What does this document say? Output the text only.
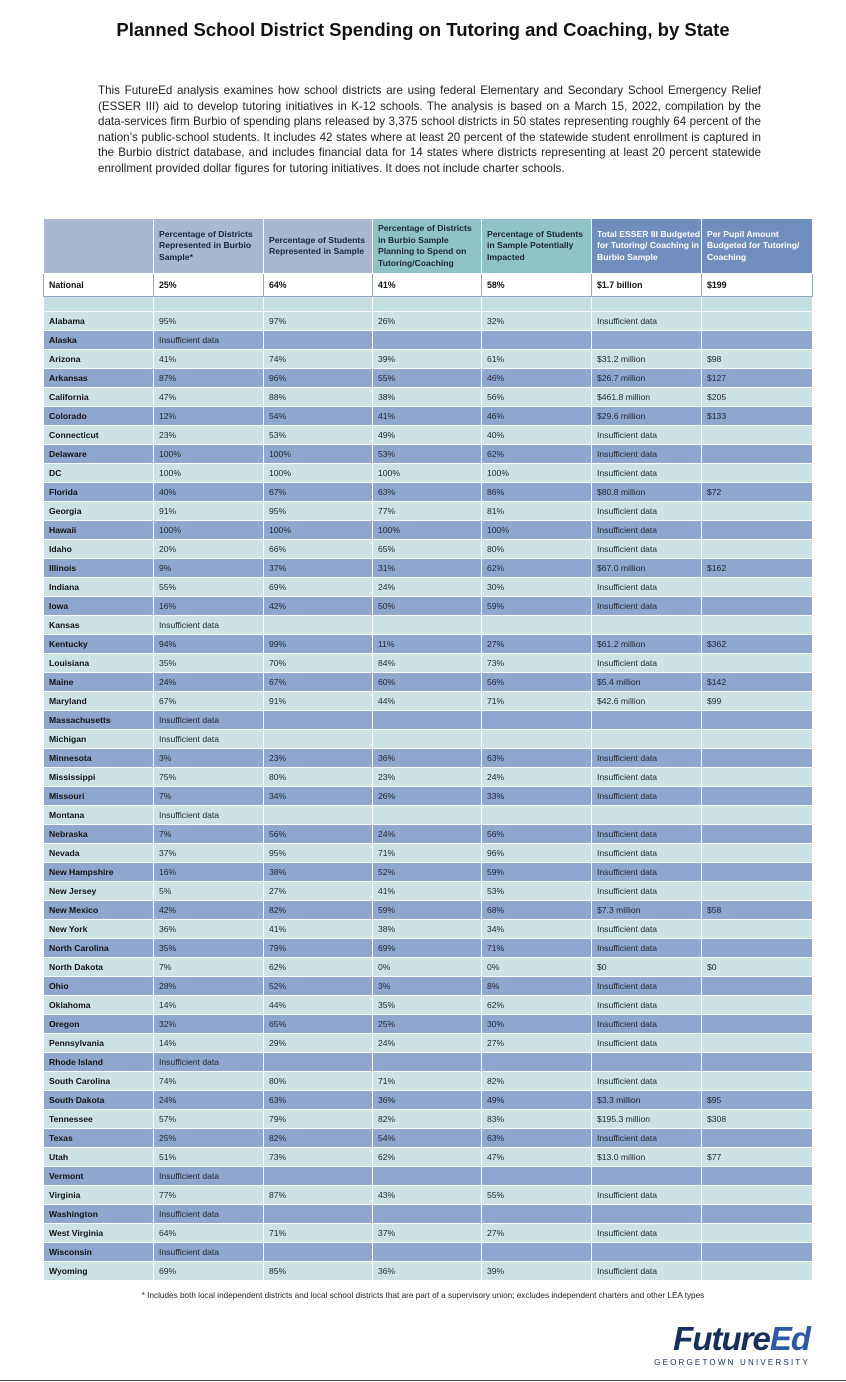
Planned School District Spending on Tutoring and Coaching, by State
This FutureEd analysis examines how school districts are using federal Elementary and Secondary School Emergency Relief (ESSER III) aid to develop tutoring initiatives in K-12 schools. The analysis is based on a March 15, 2022, compilation by the data-services firm Burbio of spending plans released by 3,375 school districts in 50 states representing roughly 64 percent of the nation’s public-school students. It includes 42 states where at least 20 percent of the statewide student enrollment is captured in the Burbio district database, and includes financial data for 14 states where districts representing at least 20 percent statewide enrollment provided dollar figures for tutoring initiatives. It does not include charter schools.
	Percentage of Districts Represented in Burbio Sample*	Percentage of Students Represented in Sample	Percentage of Districts in Burbio Sample Planning to Spend on Tutoring/Coaching	Percentage of Students in Sample Potentially Impacted	Total ESSER III Budgeted for Tutoring/ Coaching in Burbio Sample	Per Pupil Amount Budgeted for Tutoring/ Coaching
National	25%	64%	41%	58%	$1.7 billion	$199

Alabama	95%	97%	26%	32%	Insufficient data	
Alaska	Insufficient data					
Arizona	41%	74%	39%	61%	$31.2 million	$98
Arkansas	87%	96%	55%	46%	$26.7 million	$127
California	47%	88%	38%	56%	$461.8 million	$205
Colorado	12%	54%	41%	46%	$29.6 million	$133
Connecticut	23%	53%	49%	40%	Insufficient data	
Delaware	100%	100%	53%	62%	Insufficient data	
DC	100%	100%	100%	100%	Insufficient data	
Florida	40%	67%	63%	86%	$80.8 million	$72
Georgia	91%	95%	77%	81%	Insufficient data	
Hawaii	100%	100%	100%	100%	Insufficient data	
Idaho	20%	66%	65%	80%	Insufficient data	
Illinois	9%	37%	31%	62%	$67.0 million	$162
Indiana	55%	69%	24%	30%	Insufficient data	
Iowa	16%	42%	50%	59%	Insufficient data	
Kansas	Insufficient data					
Kentucky	94%	99%	11%	27%	$61.2 million	$362
Louisiana	35%	70%	84%	73%	Insufficient data	
Maine	24%	67%	60%	56%	$5.4 million	$142
Maryland	67%	91%	44%	71%	$42.6 million	$99
Massachusetts	Insufficient data					
Michigan	Insufficient data					
Minnesota	3%	23%	36%	63%	Insufficient data	
Mississippi	75%	80%	23%	24%	Insufficient data	
Missouri	7%	34%	26%	33%	Insufficient data	
Montana	Insufficient data					
Nebraska	7%	56%	24%	56%	Insufficient data	
Nevada	37%	95%	71%	96%	Insufficient data	
New Hampshire	16%	38%	52%	59%	Insufficient data	
New Jersey	5%	27%	41%	53%	Insufficient data	
New Mexico	42%	82%	59%	68%	$7.3 million	$58
New York	36%	41%	38%	34%	Insufficient data	
North Carolina	35%	79%	69%	71%	Insufficient data	
North Dakota	7%	62%	0%	0%	$0	$0
Ohio	28%	52%	3%	8%	Insufficient data	
Oklahoma	14%	44%	35%	62%	Insufficient data	
Oregon	32%	65%	25%	30%	Insufficient data	
Pennsylvania	14%	29%	24%	27%	Insufficient data	
Rhode Island	Insufficient data					
South Carolina	74%	80%	71%	82%	Insufficient data	
South Dakota	24%	63%	36%	49%	$3.3 million	$95
Tennessee	57%	79%	82%	83%	$195.3 million	$308
Texas	25%	82%	54%	63%	Insufficient data	
Utah	51%	73%	62%	47%	$13.0 million	$77
Vermont	Insufficient data					
Virginia	77%	87%	43%	55%	Insufficient data	
Washington	Insufficient data					
West Virginia	64%	71%	37%	27%	Insufficient data	
Wisconsin	Insufficient data					
Wyoming	69%	85%	36%	39%	Insufficient data	
* Includes both local independent districts and local school districts that are part of a supervisory union; excludes independent charters and other LEA types
FutureEd
GEORGETOWN UNIVERSITY
